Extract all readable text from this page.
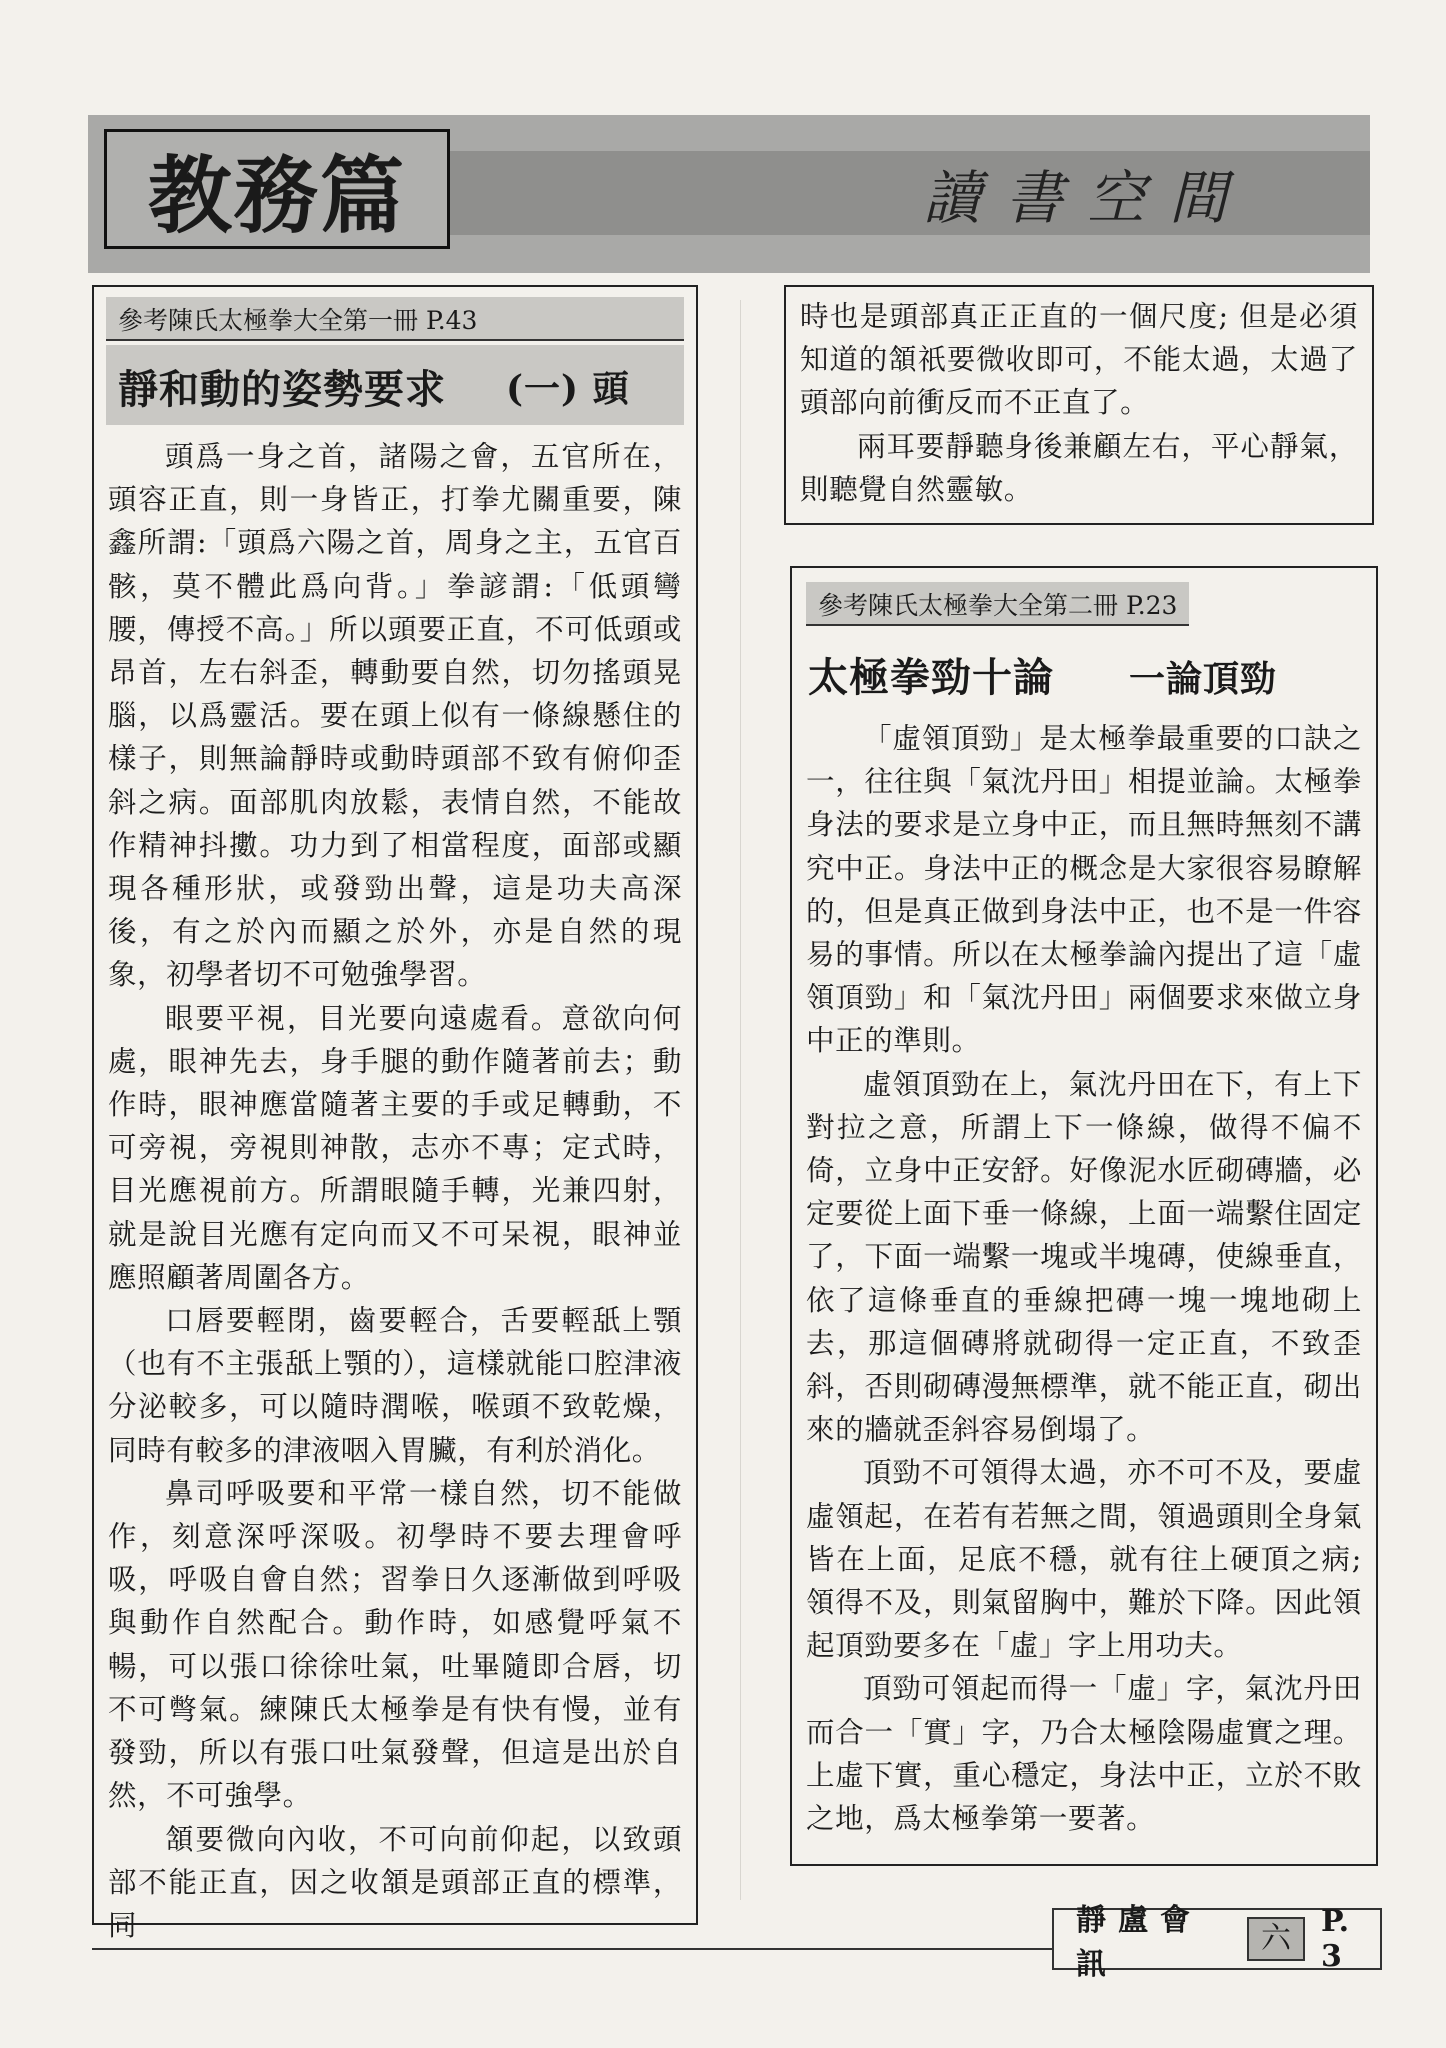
教務篇	讀書空間
參考陳氏太極拳大全第一冊 P.43
靜和動的姿勢要求 (一) 頭

頭爲一身之首，諸陽之會，五官所在，頭容正直，則一身皆正，打拳尤關重要，陳鑫所謂:「頭爲六陽之首，周身之主，五官百骸，莫不體此爲向背。」拳諺謂:「低頭彎腰，傳授不高。」所以頭要正直，不可低頭或昂首，左右斜歪，轉動要自然，切勿搖頭晃腦，以爲靈活。要在頭上似有一條線懸住的樣子，則無論靜時或動時頭部不致有俯仰歪斜之病。面部肌肉放鬆，表情自然，不能故作精神抖擻。功力到了相當程度，面部或顯現各種形狀，或發勁出聲，這是功夫高深後，有之於內而顯之於外，亦是自然的現象，初學者切不可勉強學習。

眼要平視，目光要向遠處看。意欲向何處，眼神先去，身手腿的動作隨著前去；動作時，眼神應當隨著主要的手或足轉動，不可旁視，旁視則神散，志亦不專；定式時，目光應視前方。所謂眼隨手轉，光兼四射，就是說目光應有定向而又不可呆視，眼神並應照顧著周圍各方。

口唇要輕閉，齒要輕合，舌要輕舐上顎（也有不主張舐上顎的），這樣就能口腔津液分泌較多，可以隨時潤喉，喉頭不致乾燥，同時有較多的津液咽入胃臟，有利於消化。

鼻司呼吸要和平常一樣自然，切不能做作，刻意深呼深吸。初學時不要去理會呼吸，呼吸自會自然；習拳日久逐漸做到呼吸與動作自然配合。動作時，如感覺呼氣不暢，可以張口徐徐吐氣，吐畢隨即合唇，切不可彆氣。練陳氏太極拳是有快有慢，並有發勁，所以有張口吐氣發聲，但這是出於自然，不可強學。

頷要微向內收，不可向前仰起，以致頭部不能正直，因之收頷是頭部正直的標準，同

時也是頭部真正正直的一個尺度; 但是必須知道的頷祇要微收即可，不能太過，太過了頭部向前衝反而不正直了。

兩耳要靜聽身後兼顧左右，平心靜氣，則聽覺自然靈敏。

參考陳氏太極拳大全第二冊 P.23
太極拳勁十論 一論頂勁

「虛領頂勁」是太極拳最重要的口訣之一，往往與「氣沈丹田」相提並論。太極拳身法的要求是立身中正，而且無時無刻不講究中正。身法中正的概念是大家很容易瞭解的，但是真正做到身法中正，也不是一件容易的事情。所以在太極拳論內提出了這「虛領頂勁」和「氣沈丹田」兩個要求來做立身中正的準則。

虛領頂勁在上，氣沈丹田在下，有上下對拉之意，所謂上下一條線，做得不偏不倚，立身中正安舒。好像泥水匠砌磚牆，必定要從上面下垂一條線，上面一端繫住固定了，下面一端繫一塊或半塊磚，使線垂直，依了這條垂直的垂線把磚一塊一塊地砌上去，那這個磚將就砌得一定正直，不致歪斜，否則砌磚漫無標準，就不能正直，砌出來的牆就歪斜容易倒塌了。

頂勁不可領得太過，亦不可不及，要虛虛領起，在若有若無之間，領過頭則全身氣皆在上面，足底不穩，就有往上硬頂之病; 領得不及，則氣留胸中，難於下降。因此領起頂勁要多在「虛」字上用功夫。

頂勁可領起而得一「虛」字，氣沈丹田而合一「實」字，乃合太極陰陽虛實之理。上虛下實，重心穩定，身法中正，立於不敗之地，爲太極拳第一要著。

靜盧會訊
六	P. 3
